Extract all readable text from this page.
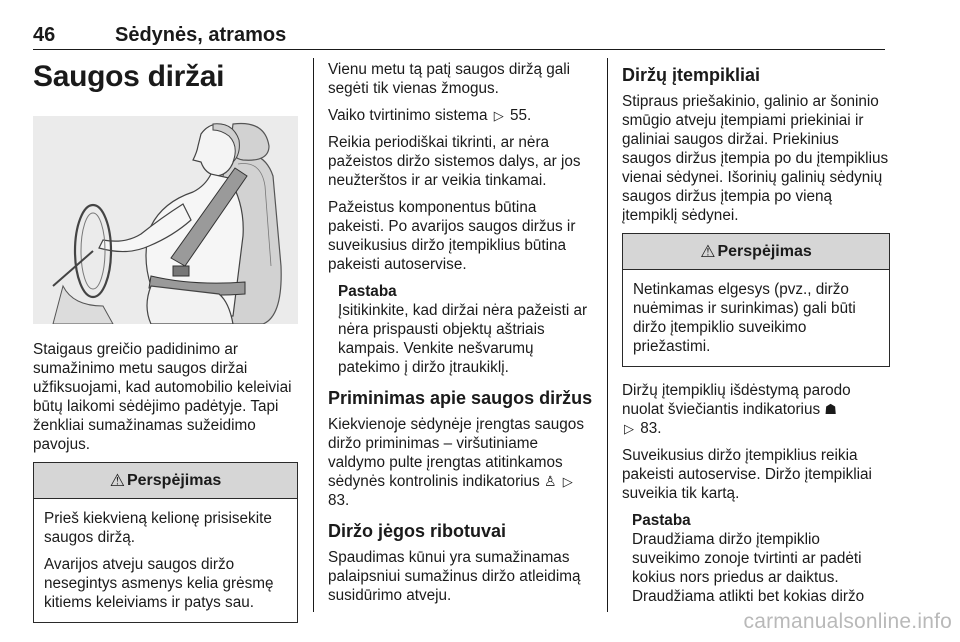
46	Sėdynės, atramos
Saugos diržai

Staigaus greičio padidinimo ar sumažinimo metu saugos diržai užfiksuojami, kad automobilio keleiviai būtų laikomi sėdėjimo padėtyje. Tapi ženkliai sumažinamas sužeidimo pavojus.

⚠ Perspėjimas

Prieš kiekvieną kelionę prisisekite saugos diržą.

Avarijos atveju saugos diržo nesegintys asmenys kelia grėsmę kitiems keleiviams ir patys sau.

Vienu metu tą patį saugos diržą gali segėti tik vienas žmogus.

Vaiko tvirtinimo sistema ▷ 55.

Reikia periodiškai tikrinti, ar nėra pažeistos diržo sistemos dalys, ar jos neužterštos ir ar veikia tinkamai.

Pažeistus komponentus būtina pakeisti. Po avarijos saugos diržus ir suveikusius diržo įtempiklius būtina pakeisti autoservise.

Pastaba

Įsitikinkite, kad diržai nėra pažeisti ar nėra prispausti objektų aštriais kampais. Venkite nešvarumų patekimo į diržo įtraukiklį.

Priminimas apie saugos diržus

Kiekvienoje sėdynėje įrengtas saugos diržo priminimas – viršutiniame valdymo pulte įrengtas atitinkamos sėdynės kontrolinis indikatorius ♙ ▷ 83.

Diržo jėgos ribotuvai

Spaudimas kūnui yra sumažinamas palaipsniui sumažinus diržo atleidimą susidūrimo atveju.

Diržų įtempikliai

Stipraus priešakinio, galinio ar šoninio smūgio atveju įtempiami priekiniai ir galiniai saugos diržai. Priekinius saugos diržus įtempia po du įtempiklius vienai sėdynei. Išorinių galinių sėdynių saugos diržus įtempia po vieną įtempiklį sėdynei.

⚠ Perspėjimas

Netinkamas elgesys (pvz., diržo nuėmimas ir surinkimas) gali būti diržo įtempiklio suveikimo priežastimi.

Diržų įtempiklių išdėstymą parodo nuolat šviečiantis indikatorius ☗
▷ 83.

Suveikusius diržo įtempiklius reikia pakeisti autoservise. Diržo įtempikliai suveikia tik kartą.

Pastaba

Draudžiama diržo įtempiklio suveikimo zonoje tvirtinti ar padėti kokius nors priedus ar daiktus. Draudžiama atlikti bet kokias diržo

carmanualsonline.info
